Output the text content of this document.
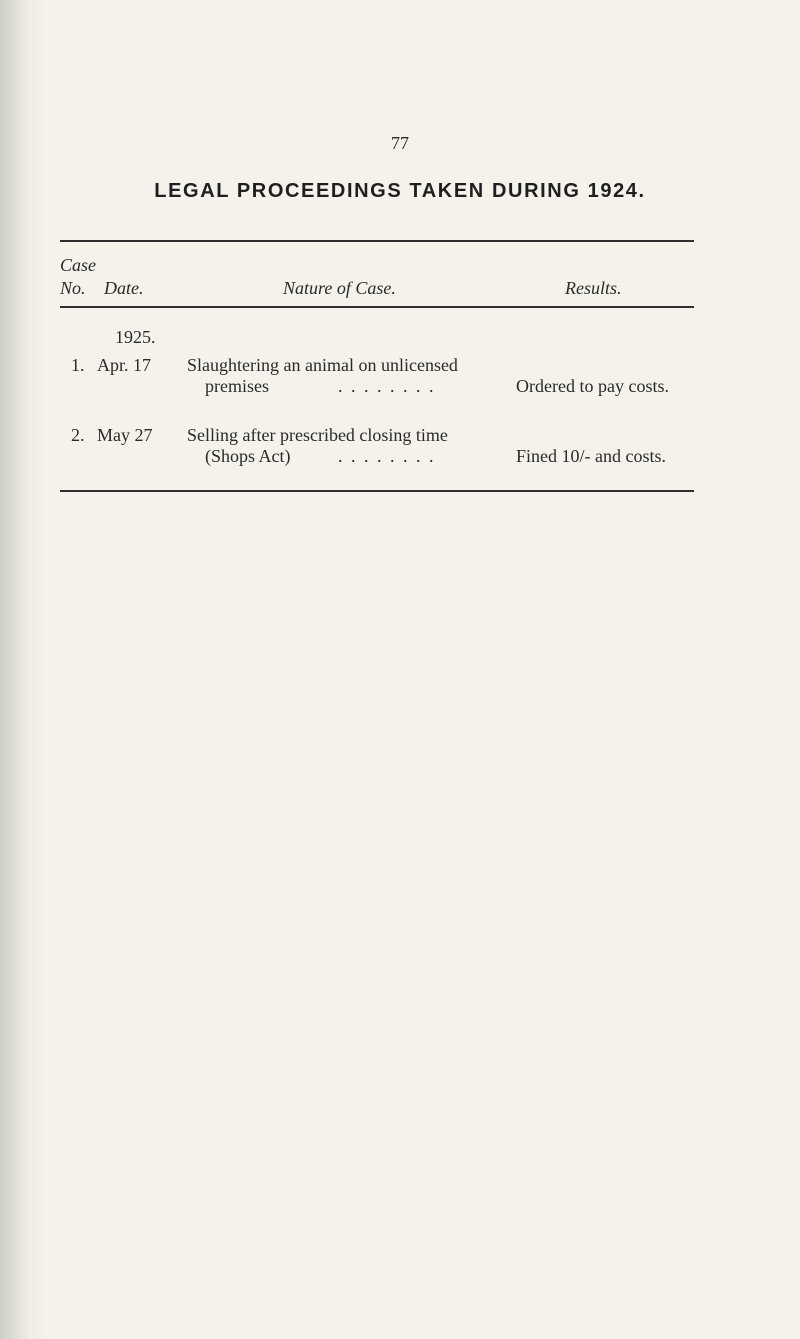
77
LEGAL PROCEEDINGS TAKEN DURING 1924.
Case
No. Date.	Nature of Case.	Results.
1925.
1. Apr. 17 Slaughtering an animal on unlicensed
premises	. . . . . . . .	Ordered to pay costs.
2. May 27 Selling after prescribed closing time
(Shops Act)	. . . . . . . .	Fined 10/- and costs.
